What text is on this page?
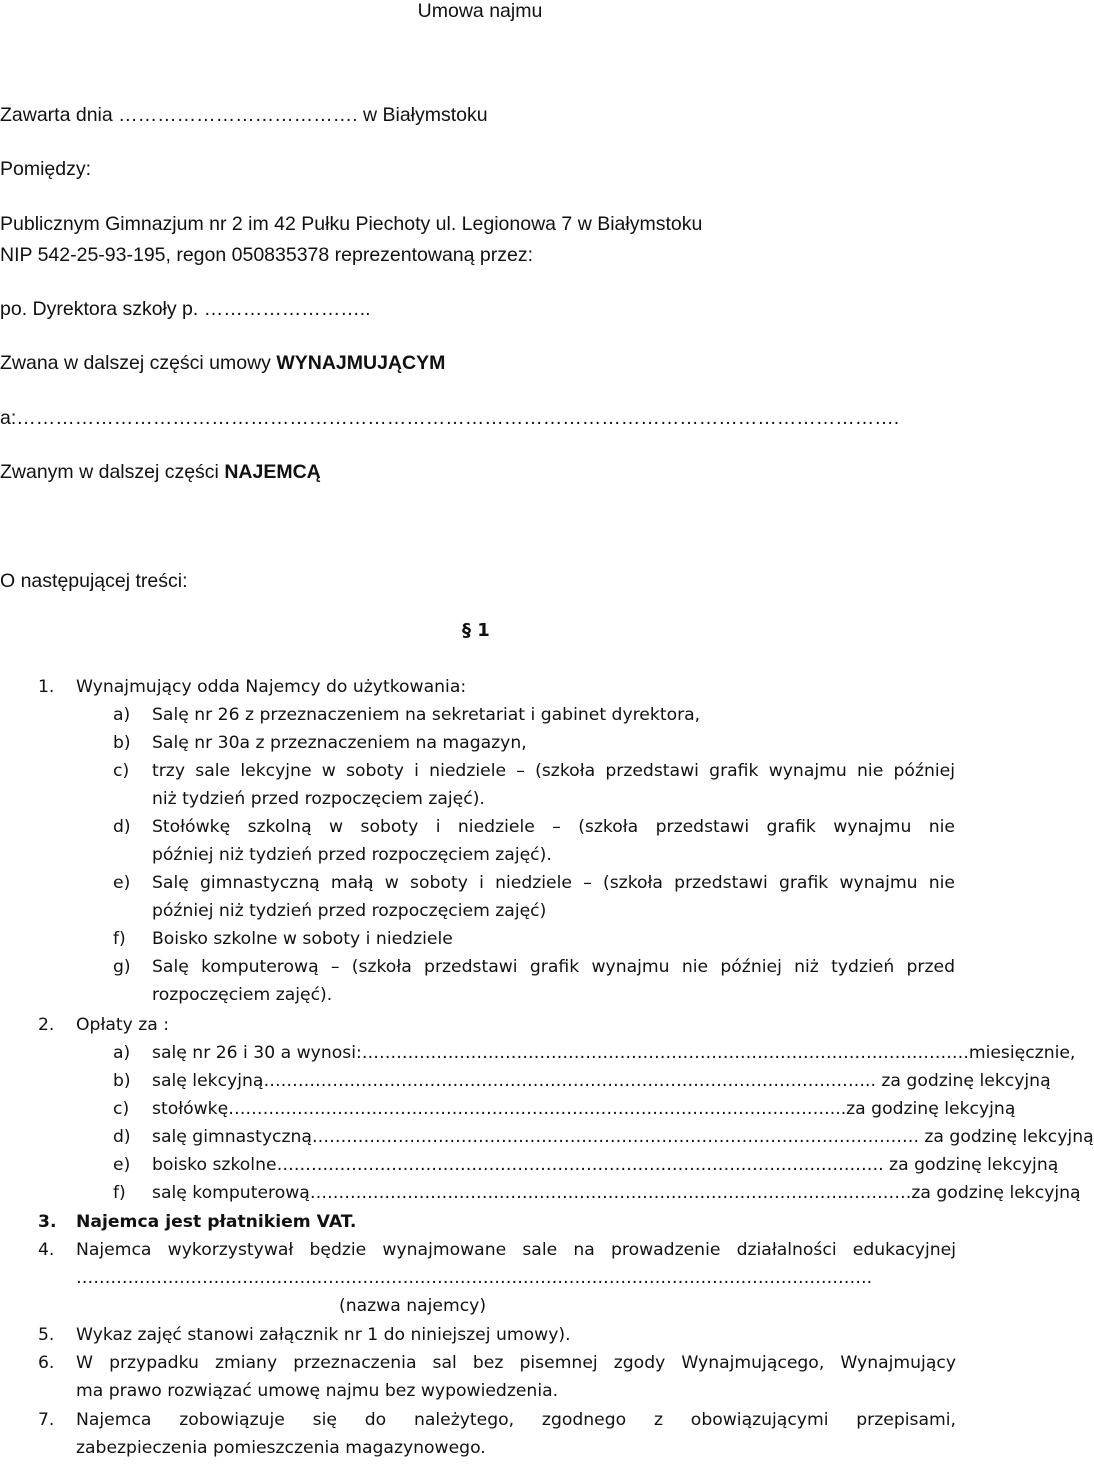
Umowa najmu
Zawarta dnia ………………………………. w Białymstoku
Pomiędzy:
Publicznym Gimnazjum nr 2 im 42 Pułku Piechoty ul. Legionowa 7 w Białymstoku
NIP 542-25-93-195, regon 050835378 reprezentowaną przez:
po. Dyrektora szkoły p. ……………………..
Zwana w dalszej części umowy WYNAJMUJĄCYM
a:……………………………………………………………………………………………………………………….
Zwanym w dalszej części NAJEMCĄ
O następującej treści:
§ 1
1. Wynajmujący odda Najemcy do użytkowania:
a) Salę nr 26 z przeznaczeniem na sekretariat i gabinet dyrektora,
b) Salę nr 30a z przeznaczeniem na magazyn,
c) trzy sale lekcyjne w soboty i niedziele – (szkoła przedstawi grafik wynajmu nie później
niż tydzień przed rozpoczęciem zajęć).
d) Stołówkę szkolną w soboty i niedziele – (szkoła przedstawi grafik wynajmu nie
później niż tydzień przed rozpoczęciem zajęć).
e) Salę gimnastyczną małą w soboty i niedziele – (szkoła przedstawi grafik wynajmu nie
później niż tydzień przed rozpoczęciem zajęć)
f) Boisko szkolne w soboty i niedziele
g) Salę komputerową – (szkoła przedstawi grafik wynajmu nie później niż tydzień przed
rozpoczęciem zajęć).
2. Opłaty za :
a) salę nr 26 i 30 a wynosi: …………………………………………………………………………………………… .miesięcznie,
b) salę lekcyjną …………………………………………………………………………………………… .. za godzinę lekcyjną
c) stołówkę …………………………………………………………………………………………… ...za godzinę lekcyjną
d) salę gimnastyczną …………………………………………………………………………………………… . za godzinę lekcyjną
e) boisko szkolne …………………………………………………………………………………………… . za godzinę lekcyjną
f) salę komputerową …………………………………………………………………………………………… za godzinę lekcyjną
3. Najemca jest płatnikiem VAT.
4. Najemca wykorzystywał będzie wynajmowane sale na prowadzenie działalności edukacyjnej
………………………………………………………………………………………………………………………….
(nazwa najemcy)
5. Wykaz zajęć stanowi załącznik nr 1 do niniejszej umowy).
6. W przypadku zmiany przeznaczenia sal bez pisemnej zgody Wynajmującego, Wynajmujący
ma prawo rozwiązać umowę najmu bez wypowiedzenia.
7. Najemca zobowiązuje się do należytego, zgodnego z obowiązującymi przepisami,
zabezpieczenia pomieszczenia magazynowego.
